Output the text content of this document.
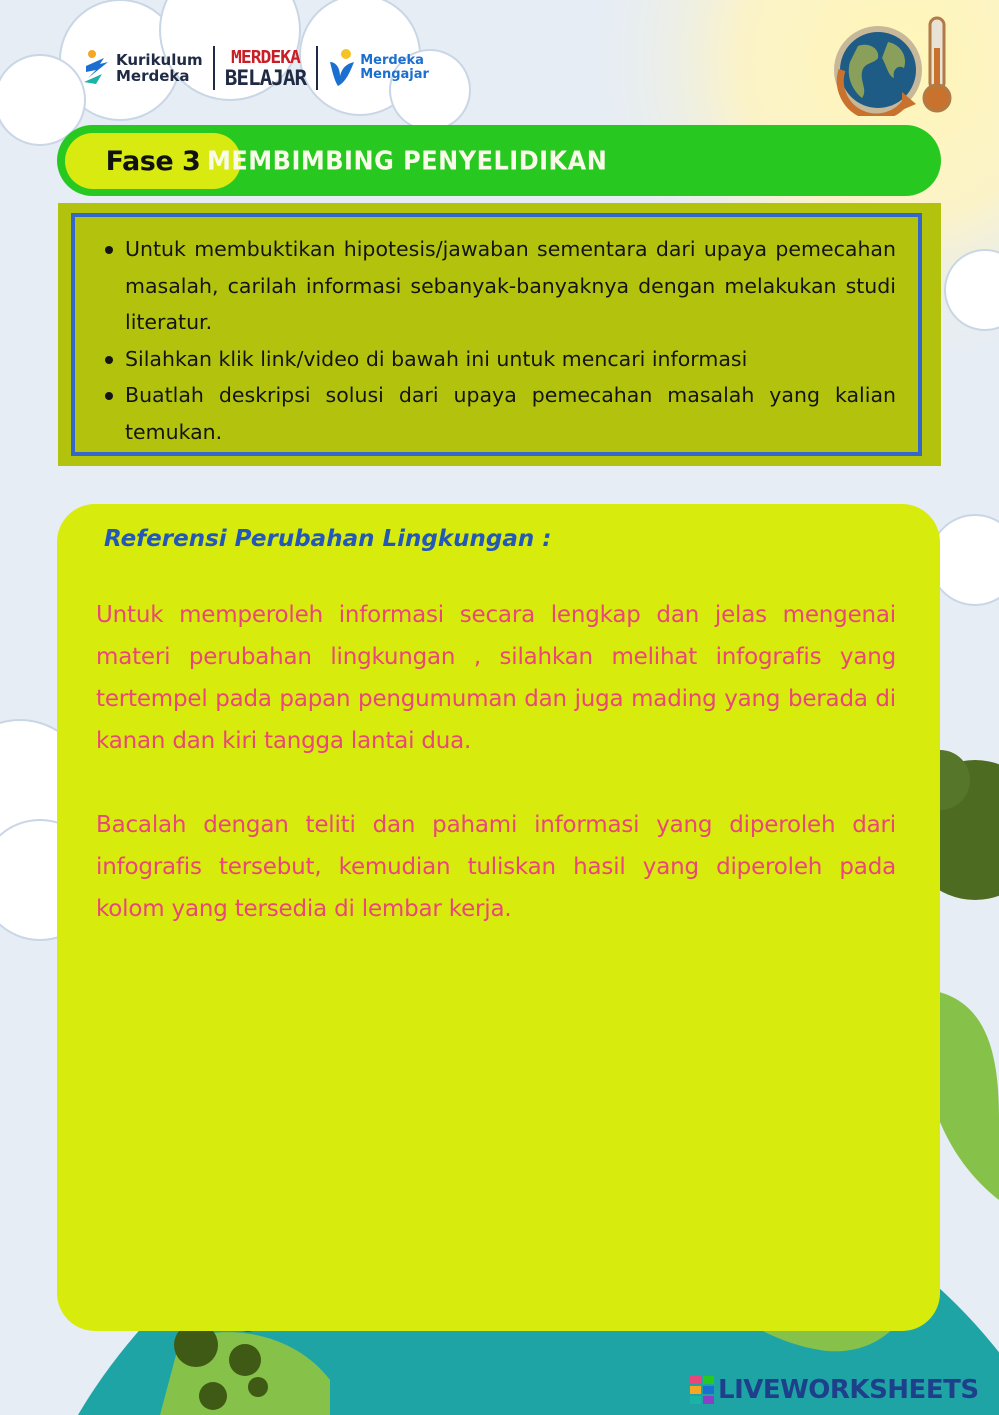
Kurikulum
Merdeka
MERDEKA
BELAJAR
Merdeka
Mengajar
Fase 3 MEMBIMBING PENYELIDIKAN
Untuk membuktikan hipotesis/jawaban sementara dari upaya pemecahan masalah, carilah informasi sebanyak-banyaknya dengan melakukan studi literatur.
Silahkan klik link/video di bawah ini untuk mencari informasi
Buatlah deskripsi solusi dari upaya pemecahan masalah yang kalian temukan.
Referensi Perubahan Lingkungan :

Untuk memperoleh informasi secara lengkap dan jelas mengenai materi perubahan lingkungan , silahkan melihat infografis yang tertempel pada papan pengumuman dan juga mading yang berada di kanan dan kiri tangga lantai dua.

Bacalah dengan teliti dan pahami informasi yang diperoleh dari infografis tersebut, kemudian tuliskan hasil yang diperoleh pada kolom yang tersedia di lembar kerja.

LIVEWORKSHEETS
